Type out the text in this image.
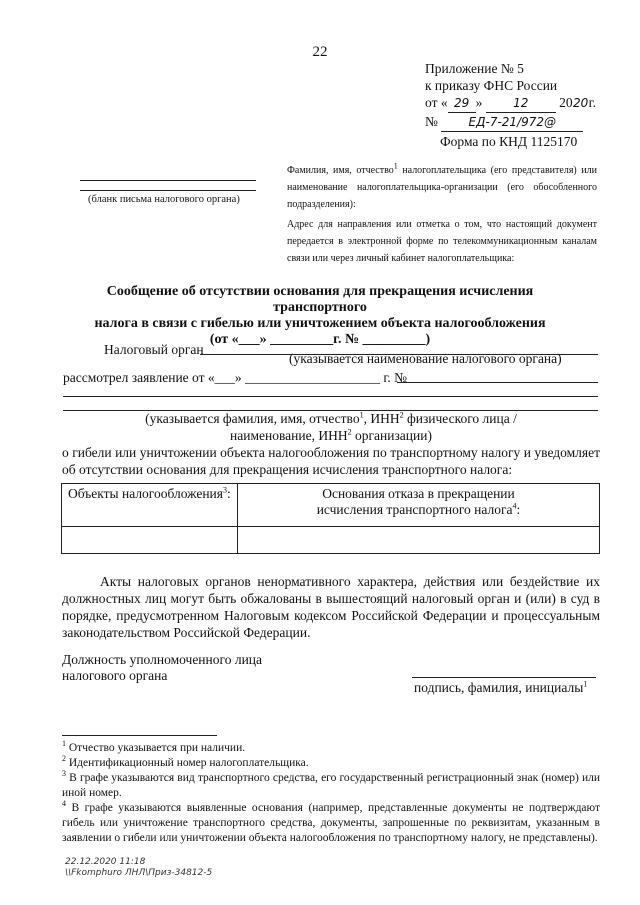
22
Приложение № 5
к приказу ФНС России
от « 29 »	12 2020г.
№	ЕД-7-21/972@
Форма по КНД 1125170
(бланк письма налогового органа)
Фамилия, имя, отчество$^1$ налогоплательщика (его представителя) или наименование налогоплательщика-организации (его обособленного подразделения):
Адрес для направления или отметка о том, что настоящий документ передается в электронной форме по телекоммуникационным каналам связи или через личный кабинет налогоплательщика:
Сообщение об отсутствии основания для прекращения исчисления транспортного
налога в связи с гибелью или уничтожением объекта налогообложения
(от «___» _________г. № _________)
Налоговый орган
(указывается наименование налогового органа)
рассмотрел заявление от «___» ____________________ г. №
(указывается фамилия, имя, отчество$^1$, ИНН$^2$ физического лица /
наименование, ИНН$^2$ организации)
о гибели или уничтожении объекта налогообложения по транспортному налогу и уведомляет об отсутствии основания для прекращения исчисления транспортного налога:
Объекты налогообложения$^3$:	Основания отказа в прекращении
исчисления транспортного налога$^4$:

Акты налоговых органов ненормативного характера, действия или бездействие их должностных лиц могут быть обжалованы в вышестоящий налоговый орган и (или) в суд в порядке, предусмотренном Налоговым кодексом Российской Федерации и процессуальным законодательством Российской Федерации.
Должность уполномоченного лица
налогового органа
подпись, фамилия, инициалы$^1$
$^1$ Отчество указывается при наличии.
$^2$ Идентификационный номер налогоплательщика.
$^3$ В графе указываются вид транспортного средства, его государственный регистрационный знак (номер) или иной номер.
$^4$ В графе указываются выявленные основания (например, представленные документы не подтверждают гибель или уничтожение транспортного средства, документы, запрошенные по реквизитам, указанным в заявлении о гибели или уничтожении объекта налогообложения по транспортному налогу, не представлены).
22.12.2020 11:18
\\Fkomphuro ЛНЛ\Приз-34812-5
